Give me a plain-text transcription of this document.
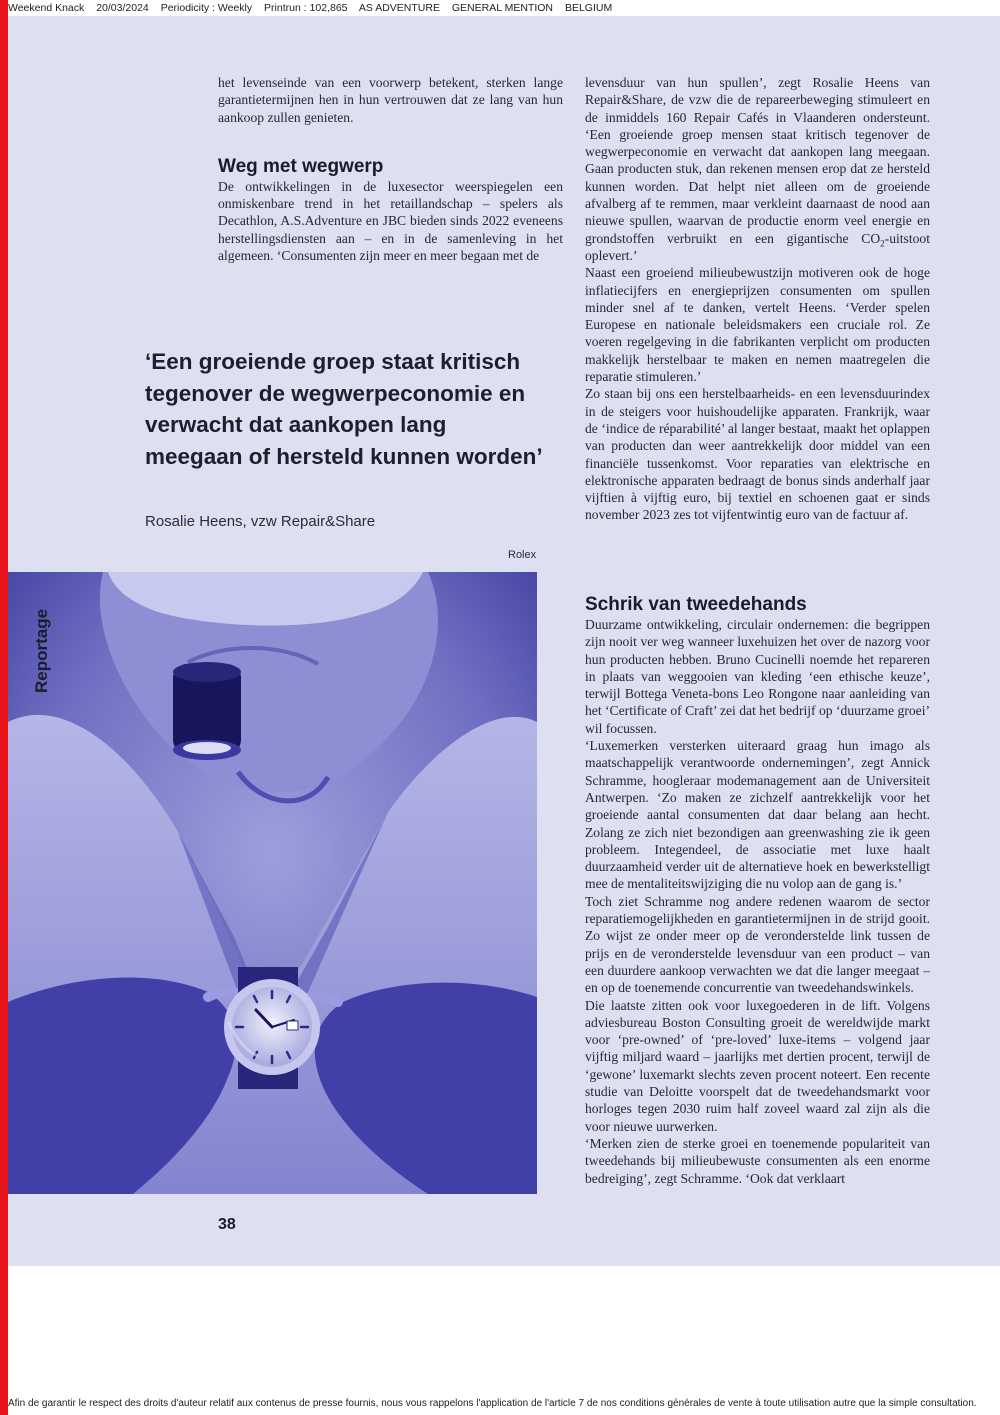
Weekend Knack 20/03/2024 Periodicity : Weekly Printrun : 102,865 AS ADVENTURE GENERAL MENTION BELGIUM

het levenseinde van een voorwerp betekent, sterken lange garantietermijnen hen in hun vertrouwen dat ze lang van hun aankoop zullen genieten.

Weg met wegwerp

De ontwikkelingen in de luxesector weerspiegelen een onmiskenbare trend in het retaillandschap – spelers als Decathlon, A.S.Adventure en JBC bieden sinds 2022 eveneens herstellingsdiensten aan – en in de samenleving in het algemeen. ‘Consumenten zijn meer en meer begaan met de

‘Een groeiende groep staat kritisch tegenover de wegwerpeconomie en verwacht dat aankopen lang meegaan of hersteld kunnen worden’

Rosalie Heens, vzw Repair&Share
Rolex
Reportage

levensduur van hun spullen’, zegt Rosalie Heens van Repair&Share, de vzw die de repareerbeweging stimuleert en de inmiddels 160 Repair Cafés in Vlaanderen ondersteunt. ‘Een groeiende groep mensen staat kritisch tegenover de wegwerpeconomie en verwacht dat aankopen lang meegaan. Gaan producten stuk, dan rekenen mensen erop dat ze hersteld kunnen worden. Dat helpt niet alleen om de groeiende afvalberg af te remmen, maar verkleint daarnaast de nood aan nieuwe spullen, waarvan de productie enorm veel energie en grondstoffen verbruikt en een gigantische $CO_2$-uitstoot oplevert.’

Naast een groeiend milieubewustzijn motiveren ook de hoge inflatiecijfers en energieprijzen consumenten om spullen minder snel af te danken, vertelt Heens. ‘Verder spelen Europese en nationale beleidsmakers een cruciale rol. Ze voeren regelgeving in die fabrikanten verplicht om producten makkelijk herstelbaar te maken en nemen maatregelen die reparatie stimuleren.’

Zo staan bij ons een herstelbaarheids- en een levensduurindex in de steigers voor huishoudelijke apparaten. Frankrijk, waar de ‘indice de réparabilité’ al langer bestaat, maakt het oplappen van producten dan weer aantrekkelijk door middel van een financiële tussenkomst. Voor reparaties van elektrische en elektronische apparaten bedraagt de bonus sinds anderhalf jaar vijftien à vijftig euro, bij textiel en schoenen gaat er sinds november 2023 zes tot vijfentwintig euro van de factuur af.

Schrik van tweedehands

Duurzame ontwikkeling, circulair ondernemen: die begrippen zijn nooit ver weg wanneer luxehuizen het over de nazorg voor hun producten hebben. Bruno Cucinelli noemde het repareren in plaats van weggooien van kleding ‘een ethische keuze’, terwijl Bottega Veneta-bons Leo Rongone naar aanleiding van het ‘Certificate of Craft’ zei dat het bedrijf op ‘duurzame groei’ wil focussen.

‘Luxemerken versterken uiteraard graag hun imago als maatschappelijk verantwoorde ondernemingen’, zegt Annick Schramme, hoogleraar modemanagement aan de Universiteit Antwerpen. ‘Zo maken ze zichzelf aantrekkelijk voor het groeiende aantal consumenten dat daar belang aan hecht. Zolang ze zich niet bezondigen aan greenwashing zie ik geen probleem. Integendeel, de associatie met luxe haalt duurzaamheid verder uit de alternatieve hoek en bewerkstelligt mee de mentaliteitswijziging die nu volop aan de gang is.’

Toch ziet Schramme nog andere redenen waarom de sector reparatiemogelijkheden en garantietermijnen in de strijd gooit. Zo wijst ze onder meer op de veronderstelde link tussen de prijs en de veronderstelde levensduur van een product – van een duurdere aankoop verwachten we dat die langer meegaat – en op de toenemende concurrentie van tweedehandswinkels.

Die laatste zitten ook voor luxegoederen in de lift. Volgens adviesbureau Boston Consulting groeit de wereldwijde markt voor ‘pre-owned’ of ‘pre-loved’ luxe-items – volgend jaar vijftig miljard waard – jaarlijks met dertien procent, terwijl de ‘gewone’ luxemarkt slechts zeven procent noteert. Een recente studie van Deloitte voorspelt dat de tweedehandsmarkt voor horloges tegen 2030 ruim half zoveel waard zal zijn als die voor nieuwe uurwerken.

‘Merken zien de sterke groei en toenemende populariteit van tweedehands bij milieubewuste consumenten als een enorme bedreiging’, zegt Schramme. ‘Ook dat verklaart

38
Afin de garantir le respect des droits d'auteur relatif aux contenus de presse fournis, nous vous rappelons l'application de l'article 7 de nos conditions générales de vente à toute utilisation autre que la simple consultation.
